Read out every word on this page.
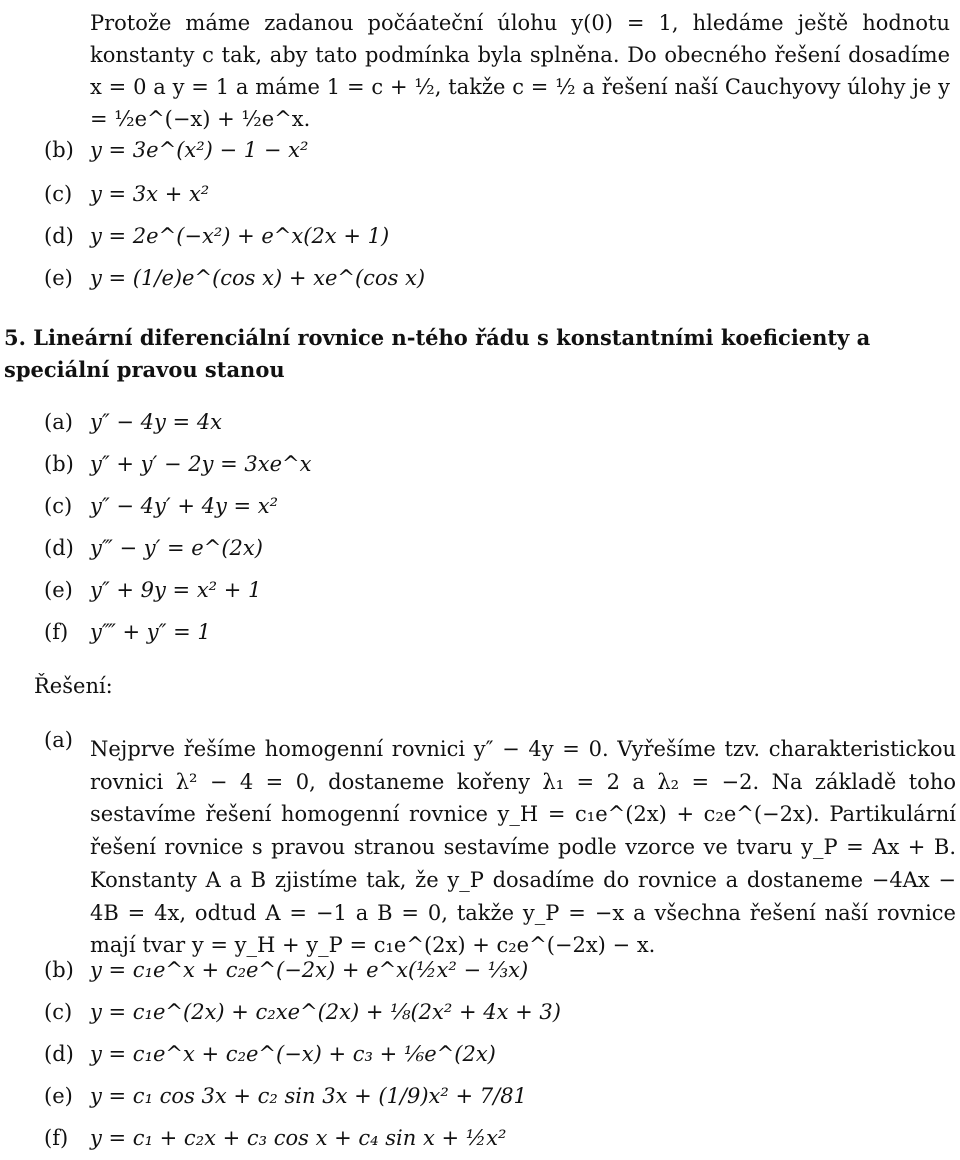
Protože máme zadanou počáateční úlohu y(0) = 1, hledáme ještě hodnotu konstanty c tak, aby tato podmínka byla splněna. Do obecného řešení dosadíme x = 0 a y = 1 a máme 1 = c + ½, takže c = ½ a řešení naší Cauchyovy úlohy je y = ½e^(−x) + ½e^x.

(b) y = 3e^(x²) − 1 − x²
(c) y = 3x + x²
(d) y = 2e^(−x²) + e^x(2x + 1)
(e) y = (1/e)e^(cos x) + xe^(cos x)
5. Lineární diferenciální rovnice n-tého řádu s konstantními koeficienty a speciální pravou stanou
(a) y″ − 4y = 4x
(b) y″ + y′ − 2y = 3xe^x
(c) y″ − 4y′ + 4y = x²
(d) y‴ − y′ = e^(2x)
(e) y″ + 9y = x² + 1
(f) y⁗ + y″ = 1
Řešení:
(a) Nejprve řešíme homogenní rovnici y″ − 4y = 0. Vyřešíme tzv. charakteristickou rovnici λ² − 4 = 0, dostaneme kořeny λ₁ = 2 a λ₂ = −2. Na základě toho sestavíme řešení homogenní rovnice y_H = c₁e^(2x) + c₂e^(−2x). Partikulární řešení rovnice s pravou stranou sestavíme podle vzorce ve tvaru y_P = Ax + B. Konstanty A a B zjistíme tak, že y_P dosadíme do rovnice a dostaneme −4Ax − 4B = 4x, odtud A = −1 a B = 0, takže y_P = −x a všechna řešení naší rovnice mají tvar y = y_H + y_P = c₁e^(2x) + c₂e^(−2x) − x.

(b) y = c₁e^x + c₂e^(−2x) + e^x(½x² − ⅓x)
(c) y = c₁e^(2x) + c₂xe^(2x) + ⅛(2x² + 4x + 3)
(d) y = c₁e^x + c₂e^(−x) + c₃ + ⅙e^(2x)
(e) y = c₁ cos 3x + c₂ sin 3x + (1/9)x² + 7/81
(f) y = c₁ + c₂x + c₃ cos x + c₄ sin x + ½x²
